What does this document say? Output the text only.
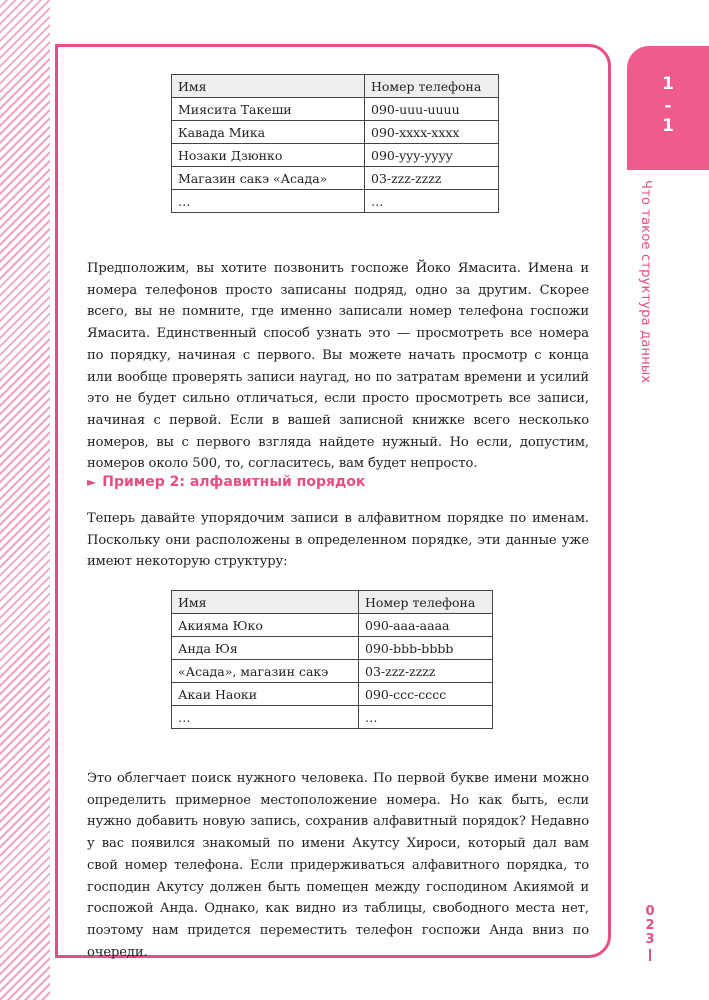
1
-
1
Что такое структура данных
0
2
3
Имя	Номер телефона
Миясита Такеши	090-uuu-uuuu
Кавада Мика	090-xxxx-xxxx
Нозаки Дзюнко	090-yyy-yyyy
Магазин сакэ «Асада»	03-zzz-zzzz
…	…

Предположим, вы хотите позвонить госпоже Йоко Ямасита. Имена и номера телефонов просто записаны подряд, одно за другим. Скорее всего, вы не помните, где именно записали номер телефона госпожи Ямасита. Единственный способ узнать это — просмотреть все номера по порядку, начиная с первого. Вы можете начать просмотр с конца или вообще проверять записи наугад, но по затратам времени и усилий это не будет сильно отличаться, если просто просмотреть все записи, начиная с первой. Если в вашей записной книжке всего несколько номеров, вы с первого взгляда найдете нужный. Но если, допустим, номеров около 500, то, согласитесь, вам будет непросто.

► Пример 2: алфавитный порядок

Теперь давайте упорядочим записи в алфавитном порядке по именам. Поскольку они расположены в определенном порядке, эти данные уже имеют некоторую структуру:

Имя	Номер телефона
Акияма Юко	090-aaa-aaaa
Анда Юя	090-bbb-bbbb
«Асада», магазин сакэ	03-zzz-zzzz
Акаи Наоки	090-ccc-cccc
…	…

Это облегчает поиск нужного человека. По первой букве имени можно определить примерное местоположение номера. Но как быть, если нужно добавить новую запись, сохранив алфавитный порядок? Недавно у вас появился знакомый по имени Акутсу Хироси, который дал вам свой номер телефона. Если придерживаться алфавитного порядка, то господин Акутсу должен быть помещен между господином Акиямой и госпожой Анда. Однако, как видно из таблицы, свободного места нет, поэтому нам придется переместить телефон госпожи Анда вниз по очереди.
